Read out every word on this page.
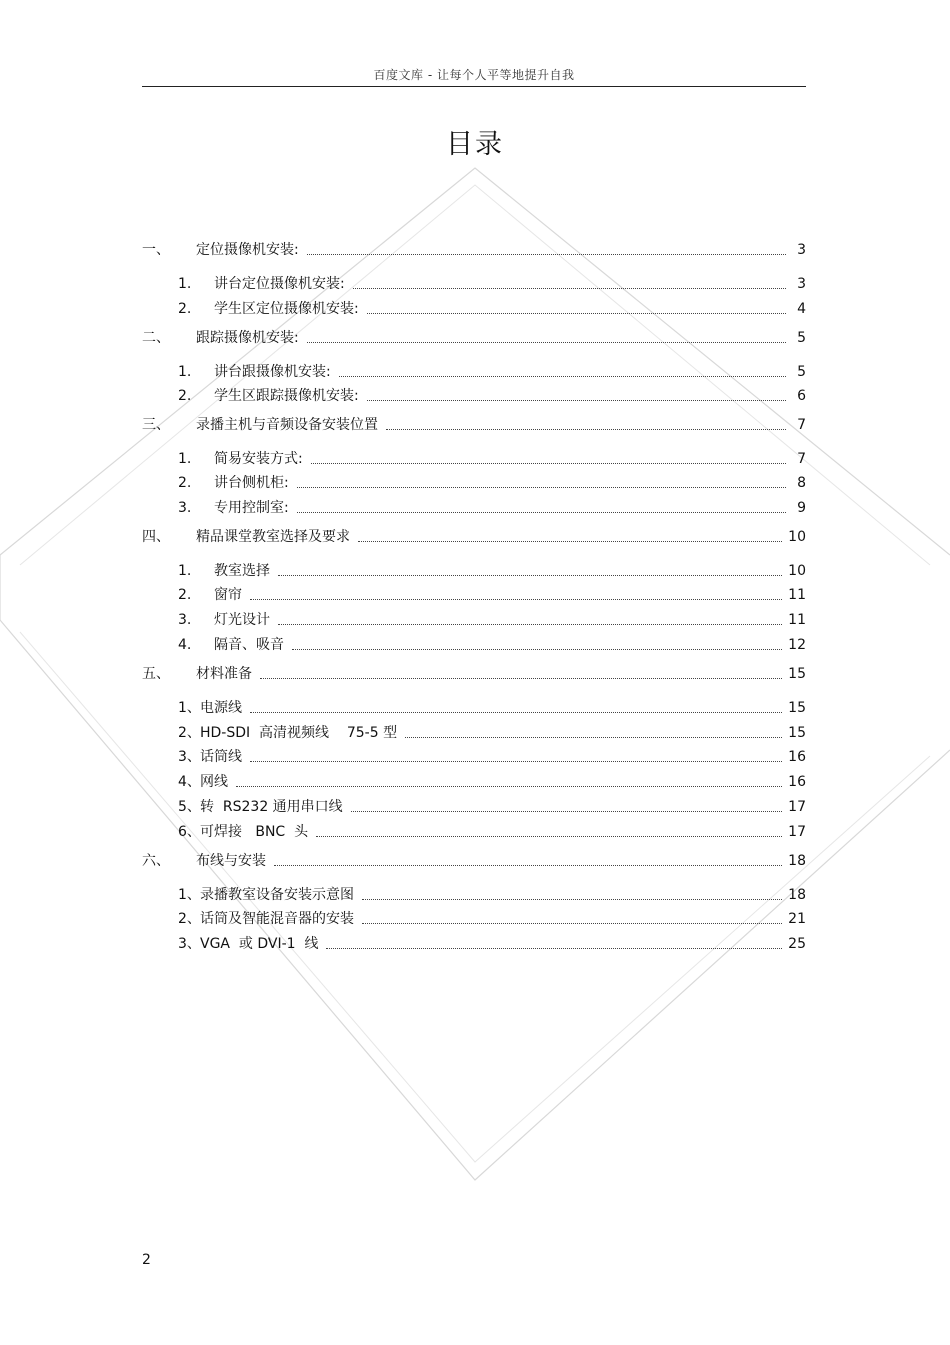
百度文库 - 让每个人平等地提升自我
目录
一、	定位摄像机安装:	3
1.	讲台定位摄像机安装:	3
2.	学生区定位摄像机安装:	4
二、	跟踪摄像机安装:	5
1.	讲台跟摄像机安装:	5
2.	学生区跟踪摄像机安装:	6
三、	录播主机与音频设备安装位置	7
1.	简易安装方式:	7
2.	讲台侧机柜:	8
3.	专用控制室:	9
四、	精品课堂教室选择及要求	10
1.	教室选择	10
2.	窗帘	11
3.	灯光设计	11
4.	隔音、吸音	12
五、	材料准备	15
1、 电源线	15
2、 HD-SDI  高清视频线    75-5 型	15
3、 话筒线	16
4、 网线	16
5、 转  RS232 通用串口线	17
6、 可焊接   BNC  头	17
六、	布线与安装	18
1、 录播教室设备安装示意图	18
2、 话筒及智能混音器的安装	21
3、 VGA  或 DVI-1  线	25
2
